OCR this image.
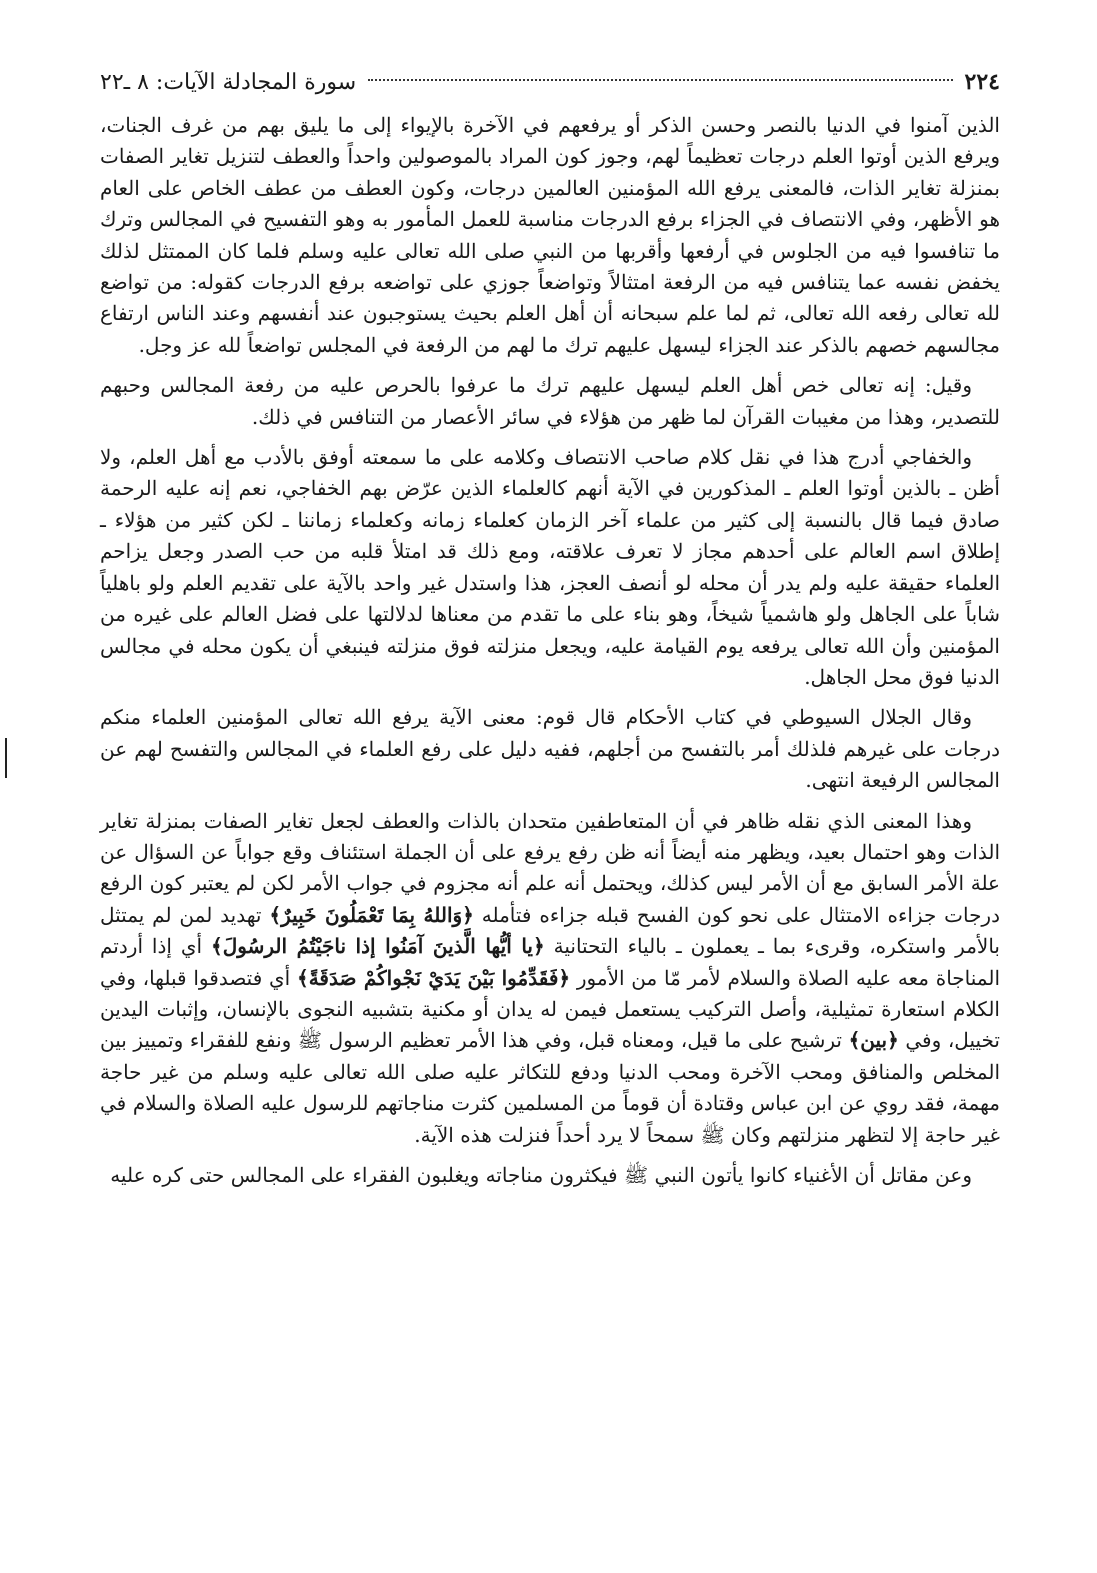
٢٢٤
سورة المجادلة الآيات: ٨ ـ٢٢

الذين آمنوا في الدنيا بالنصر وحسن الذكر أو يرفعهم في الآخرة بالإيواء إلى ما يليق بهم من غرف الجنات، ويرفع الذين أوتوا العلم درجات تعظيماً لهم، وجوز كون المراد بالموصولين واحداً والعطف لتنزيل تغاير الصفات بمنزلة تغاير الذات، فالمعنى يرفع الله المؤمنين العالمين درجات، وكون العطف من عطف الخاص على العام هو الأظهر، وفي الانتصاف في الجزاء برفع الدرجات مناسبة للعمل المأمور به وهو التفسيح في المجالس وترك ما تنافسوا فيه من الجلوس في أرفعها وأقربها من النبي صلى الله تعالى عليه وسلم فلما كان الممتثل لذلك يخفض نفسه عما يتنافس فيه من الرفعة امتثالاً وتواضعاً جوزي على تواضعه برفع الدرجات كقوله: من تواضع لله تعالى رفعه الله تعالى، ثم لما علم سبحانه أن أهل العلم بحيث يستوجبون عند أنفسهم وعند الناس ارتفاع مجالسهم خصهم بالذكر عند الجزاء ليسهل عليهم ترك ما لهم من الرفعة في المجلس تواضعاً لله عز وجل.

وقيل: إنه تعالى خص أهل العلم ليسهل عليهم ترك ما عرفوا بالحرص عليه من رفعة المجالس وحبهم للتصدير، وهذا من مغيبات القرآن لما ظهر من هؤلاء في سائر الأعصار من التنافس في ذلك.

والخفاجي أدرج هذا في نقل كلام صاحب الانتصاف وكلامه على ما سمعته أوفق بالأدب مع أهل العلم، ولا أظن ـ بالذين أوتوا العلم ـ المذكورين في الآية أنهم كالعلماء الذين عرّض بهم الخفاجي، نعم إنه عليه الرحمة صادق فيما قال بالنسبة إلى كثير من علماء آخر الزمان كعلماء زمانه وكعلماء زماننا ـ لكن كثير من هؤلاء ـ إطلاق اسم العالم على أحدهم مجاز لا تعرف علاقته، ومع ذلك قد امتلأ قلبه من حب الصدر وجعل يزاحم العلماء حقيقة عليه ولم يدر أن محله لو أنصف العجز، هذا واستدل غير واحد بالآية على تقديم العلم ولو باهلياً شاباً على الجاهل ولو هاشمياً شيخاً، وهو بناء على ما تقدم من معناها لدلالتها على فضل العالم على غيره من المؤمنين وأن الله تعالى يرفعه يوم القيامة عليه، ويجعل منزلته فوق منزلته فينبغي أن يكون محله في مجالس الدنيا فوق محل الجاهل.

وقال الجلال السيوطي في كتاب الأحكام قال قوم: معنى الآية يرفع الله تعالى المؤمنين العلماء منكم درجات على غيرهم فلذلك أمر بالتفسح من أجلهم، ففيه دليل على رفع العلماء في المجالس والتفسح لهم عن المجالس الرفيعة انتهى.

وهذا المعنى الذي نقله ظاهر في أن المتعاطفين متحدان بالذات والعطف لجعل تغاير الصفات بمنزلة تغاير الذات وهو احتمال بعيد، ويظهر منه أيضاً أنه ظن رفع يرفع على أن الجملة استئناف وقع جواباً عن السؤال عن علة الأمر السابق مع أن الأمر ليس كذلك، ويحتمل أنه علم أنه مجزوم في جواب الأمر لكن لم يعتبر كون الرفع درجات جزاءه الامتثال على نحو كون الفسح قبله جزاءه فتأمله ﴿وَاللهُ بِمَا تَعْمَلُونَ خَبِيرٌ﴾ تهديد لمن لم يمتثل بالأمر واستكره، وقرىء بما ـ يعملون ـ بالياء التحتانية ﴿يا أيُّها الَّذينَ آمَنُوا إذا ناجَيْتُمُ الرسُولَ﴾ أي إذا أردتم المناجاة معه عليه الصلاة والسلام لأمر مّا من الأمور ﴿فَقَدِّمُوا بَيْنَ يَدَيْ نَجْواكُمْ صَدَقَةً﴾ أي فتصدقوا قبلها، وفي الكلام استعارة تمثيلية، وأصل التركيب يستعمل فيمن له يدان أو مكنية بتشبيه النجوى بالإنسان، وإثبات اليدين تخييل، وفي ﴿بين﴾ ترشيح على ما قيل، ومعناه قبل، وفي هذا الأمر تعظيم الرسول ﷺ ونفع للفقراء وتمييز بين المخلص والمنافق ومحب الآخرة ومحب الدنيا ودفع للتكاثر عليه صلى الله تعالى عليه وسلم من غير حاجة مهمة، فقد روي عن ابن عباس وقتادة أن قوماً من المسلمين كثرت مناجاتهم للرسول عليه الصلاة والسلام في غير حاجة إلا لتظهر منزلتهم وكان ﷺ سمحاً لا يرد أحداً فنزلت هذه الآية.

وعن مقاتل أن الأغنياء كانوا يأتون النبي ﷺ فيكثرون مناجاته ويغلبون الفقراء على المجالس حتى كره عليه
